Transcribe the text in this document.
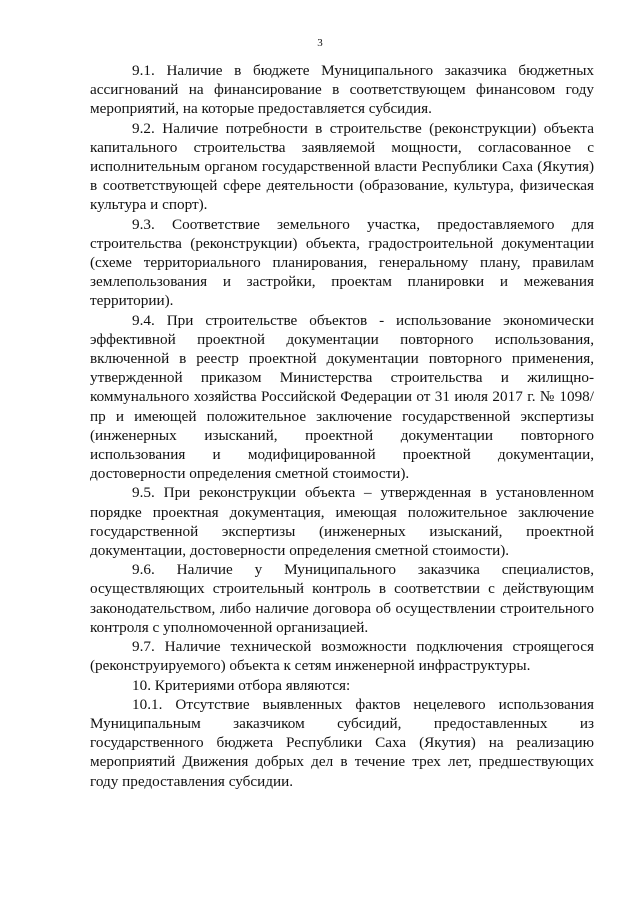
3

9.1. Наличие в бюджете Муниципального заказчика бюджетных ассигнований на финансирование в соответствующем финансовом году мероприятий, на которые предоставляется субсидия.

9.2. Наличие потребности в строительстве (реконструкции) объекта капитального строительства заявляемой мощности, согласованное с исполнительным органом государственной власти Республики Саха (Якутия) в соответствующей сфере деятельности (образование, культура, физическая культура и спорт).

9.3. Соответствие земельного участка, предоставляемого для строительства (реконструкции) объекта, градостроительной документации (схеме территориального планирования, генеральному плану, правилам землепользования и застройки, проектам планировки и межевания территории).

9.4. При строительстве объектов - использование экономически эффективной проектной документации повторного использования, включенной в реестр проектной документации повторного применения, утвержденной приказом Министерства строительства и жилищно-коммунального хозяйства Российской Федерации от 31 июля 2017 г. № 1098/пр и имеющей положительное заключение государственной экспертизы (инженерных изысканий, проектной документации повторного использования и модифицированной проектной документации, достоверности определения сметной стоимости).

9.5. При реконструкции объекта – утвержденная в установленном порядке проектная документация, имеющая положительное заключение государственной экспертизы (инженерных изысканий, проектной документации, достоверности определения сметной стоимости).

9.6. Наличие у Муниципального заказчика специалистов, осуществляющих строительный контроль в соответствии с действующим законодательством, либо наличие договора об осуществлении строительного контроля с уполномоченной организацией.

9.7. Наличие технической возможности подключения строящегося (реконструируемого) объекта к сетям инженерной инфраструктуры.

10. Критериями отбора являются:

10.1. Отсутствие выявленных фактов нецелевого использования Муниципальным заказчиком субсидий, предоставленных из государственного бюджета Республики Саха (Якутия) на реализацию мероприятий Движения добрых дел в течение трех лет, предшествующих году предоставления субсидии.
